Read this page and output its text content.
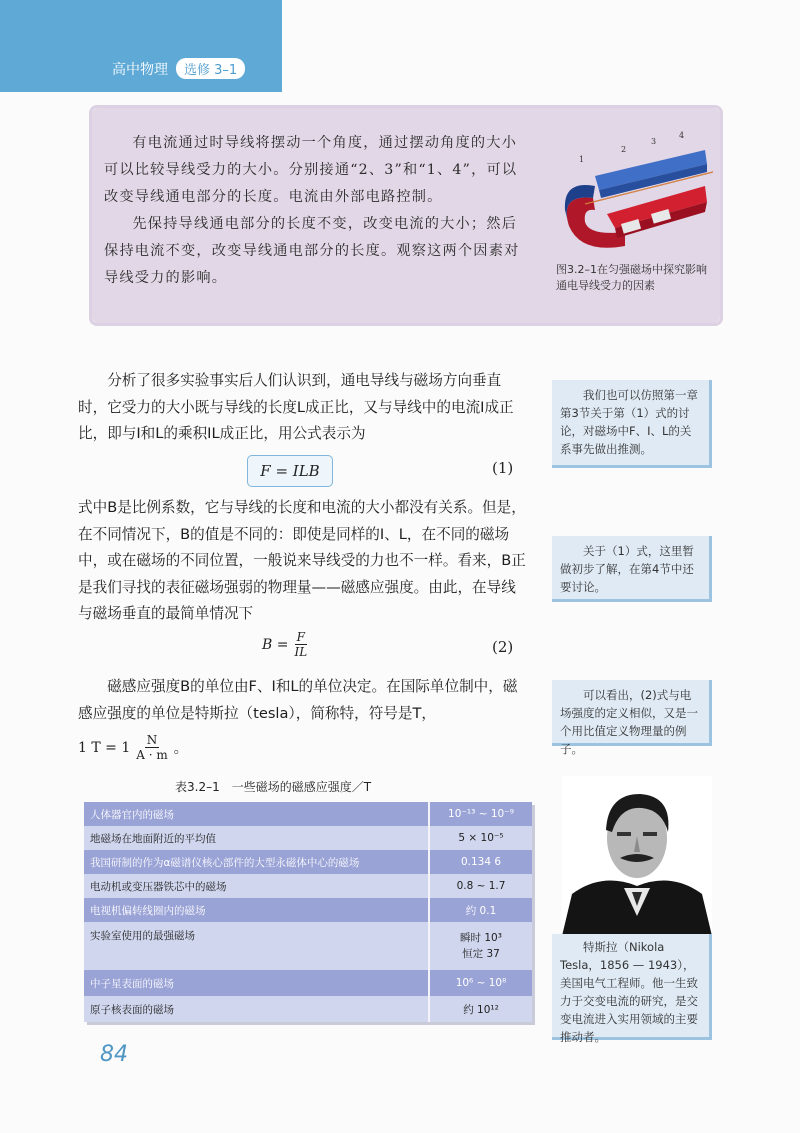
高中物理	选修 3–1

有电流通过时导线将摆动一个角度，通过摆动角度的大小可以比较导线受力的大小。分别接通“2、3”和“1、4”，可以改变导线通电部分的长度。电流由外部电路控制。

先保持导线通电部分的长度不变，改变电流的大小；然后保持电流不变，改变导线通电部分的长度。观察这两个因素对导线受力的影响。

1
2
3
4
图3.2–1在匀强磁场中探究影响通电导线受力的因素

分析了很多实验事实后人们认识到，通电导线与磁场方向垂直时，它受力的大小既与导线的长度L成正比，又与导线中的电流I成正比，即与I和L的乘积IL成正比，用公式表示为

F = ILB	(1)

式中B是比例系数，它与导线的长度和电流的大小都没有关系。但是，在不同情况下，B的值是不同的：即使是同样的I、L，在不同的磁场中，或在磁场的不同位置，一般说来导线受的力也不一样。看来，B正是我们寻找的表征磁场强弱的物理量——磁感应强度。由此，在导线与磁场垂直的最简单情况下

$B = \frac{F}{IL}$	(2)

磁感应强度B的单位由F、I和L的单位决定。在国际单位制中，磁感应强度的单位是特斯拉（tesla），简称特，符号是T，

1 $T = 1 \frac{N}{A \cdot m}$ 。
我们也可以仿照第一章第3节关于第（1）式的讨论，对磁场中F、I、L的关系事先做出推测。
关于（1）式，这里暂做初步了解，在第4节中还要讨论。
可以看出，(2)式与电场强度的定义相似，又是一个用比值定义物理量的例子。
表3.2–1　一些磁场的磁感应强度／T
人体器官内的磁场	10⁻¹³ ~ 10⁻⁹
地磁场在地面附近的平均值	5 × 10⁻⁵
我国研制的作为α磁谱仪核心部件的大型永磁体中心的磁场	0.134 6
电动机或变压器铁芯中的磁场	0.8 ~ 1.7
电视机偏转线圈内的磁场	约 0.1
实验室使用的最强磁场	瞬时 10³
恒定 37

中子星表面的磁场	10⁶ ~ 10⁸
原子核表面的磁场	约 10¹²
特斯拉（Nikola Tesla，1856 — 1943），美国电气工程师。他一生致力于交变电流的研究，是交变电流进入实用领域的主要推动者。
84
